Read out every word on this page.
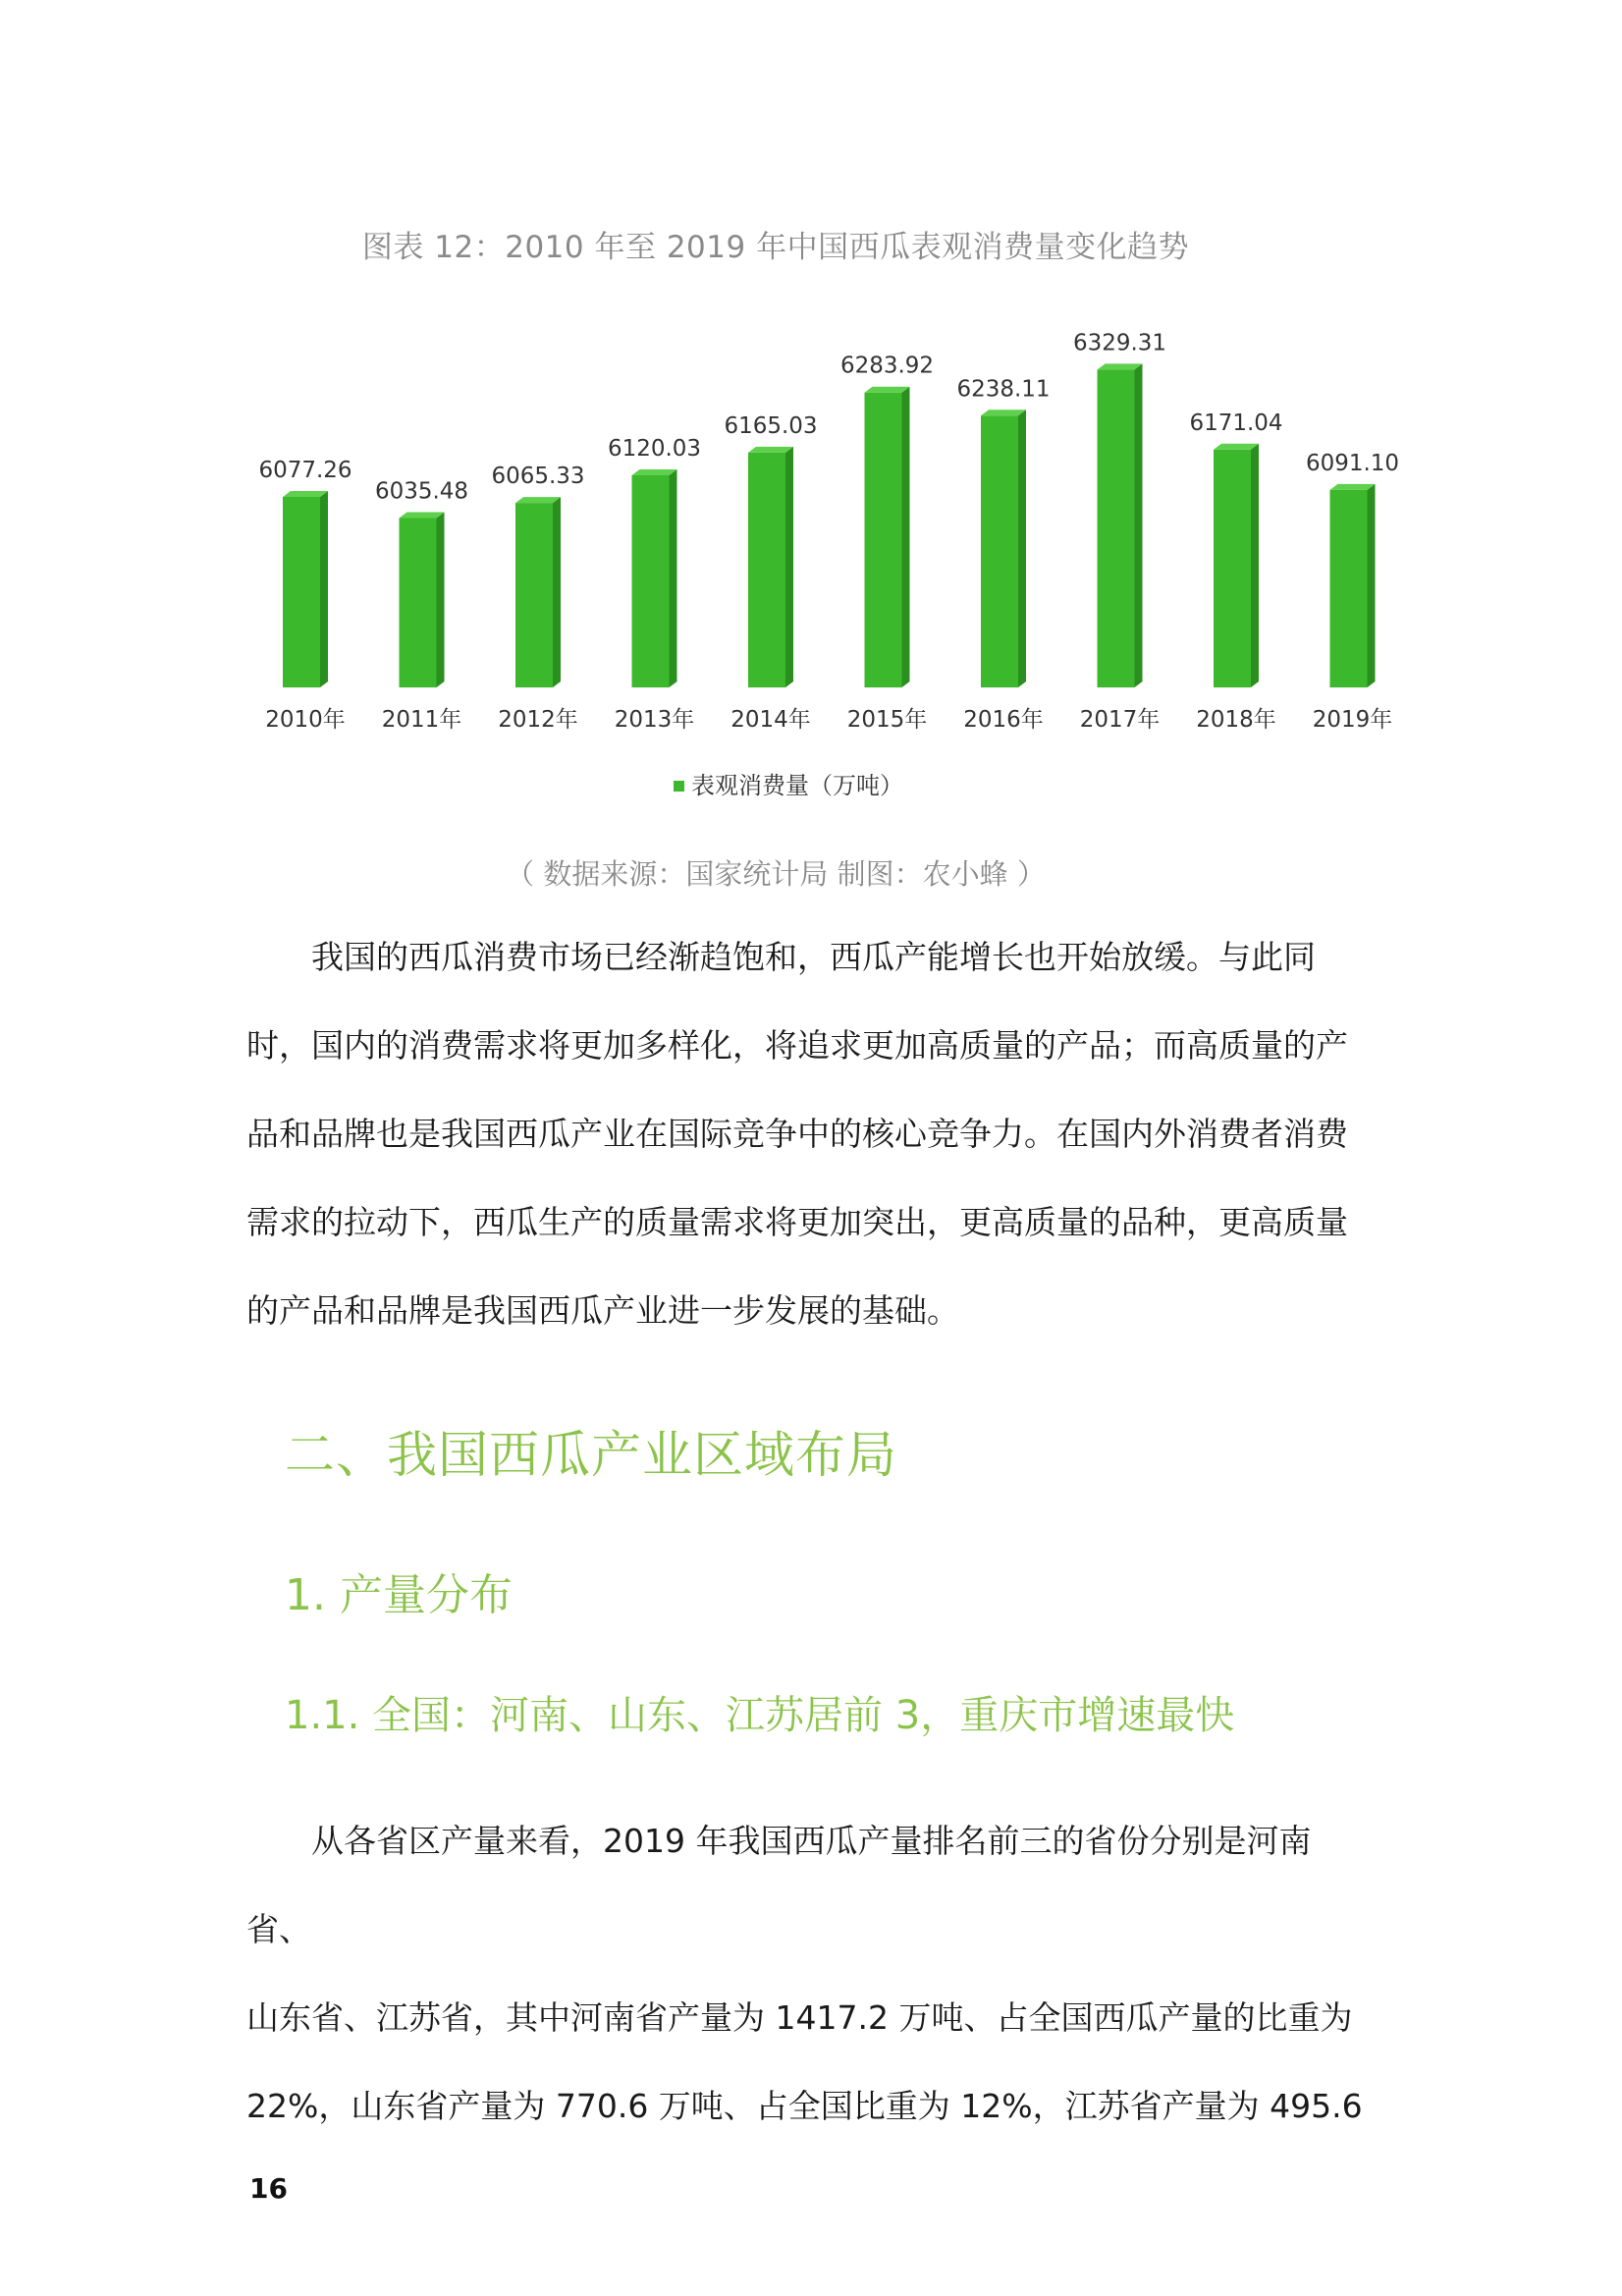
图表 12：2010 年至 2019 年中国西瓜表观消费量变化趋势
6077.26
2010年
6035.48
2011年
6065.33
2012年
6120.03
2013年
6165.03
2014年
6283.92
2015年
6238.11
2016年
6329.31
2017年
6171.04
2018年
6091.10
2019年
表观消费量（万吨）
（ 数据来源：国家统计局 制图：农小蜂 ）

　　我国的西瓜消费市场已经渐趋饱和，西瓜产能增长也开始放缓。与此同

时，国内的消费需求将更加多样化，将追求更加高质量的产品；而高质量的产

品和品牌也是我国西瓜产业在国际竞争中的核心竞争力。在国内外消费者消费

需求的拉动下，西瓜生产的质量需求将更加突出，更高质量的品种，更高质量

的产品和品牌是我国西瓜产业进一步发展的基础。

二、我国西瓜产业区域布局
1. 产量分布
1.1. 全国：河南、山东、江苏居前 3，重庆市增速最快

　　从各省区产量来看，2019 年我国西瓜产量排名前三的省份分别是河南省、

山东省、江苏省，其中河南省产量为 1417.2 万吨、占全国西瓜产量的比重为

22%，山东省产量为 770.6 万吨、占全国比重为 12%，江苏省产量为 495.6

16
